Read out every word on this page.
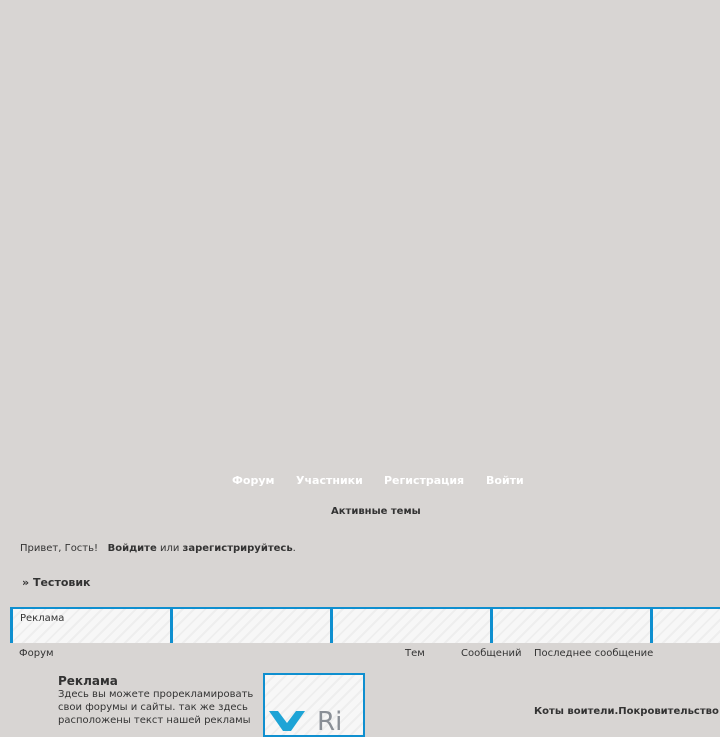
Форум Участники Регистрация Войти
Активные темы
Привет, Гость! Войдите или зарегистрируйтесь.
» Тестовик
Реклама
Форум	Тем	Сообщений Последнее сообщение
Реклама
Здесь вы можете прорекламировать свои форумы и сайты. так же здесь расположены текст нашей рекламы	Ri	Коты воители.Покровительство
